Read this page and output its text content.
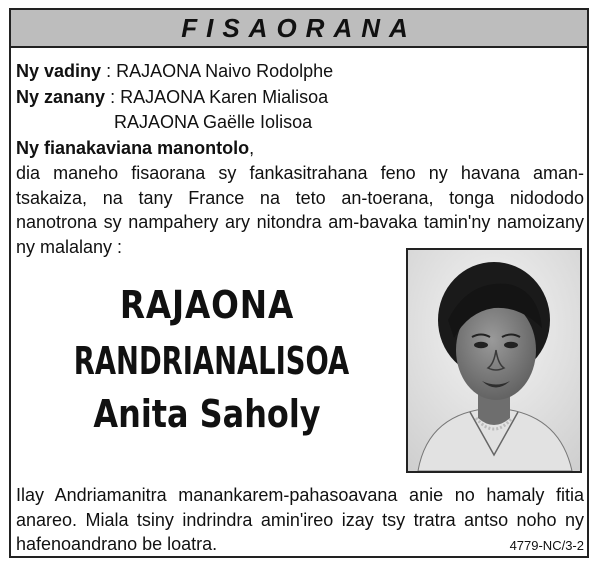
FISAORANA
Ny vadiny : RAJAONA Naivo Rodolphe
Ny zanany : RAJAONA Karen Mialisoa
RAJAONA Gaëlle Iolisoa
Ny fianakaviana manontolo,
dia maneho fisaorana sy fankasitrahana feno ny havana aman-tsakaiza, na tany France na teto an-toerana, tonga nidododo nanotrona sy nampahery ary nitondra am-bavaka tamin'ny namoizany ny malalany :
RAJAONA
RANDRIANALISOA
Anita Saholy
Ilay Andriamanitra manankarem-pahasoavana anie no hamaly fitia anareo. Miala tsiny indrindra amin'ireo izay tsy tratra antso noho ny hafenoandrano be loatra.	4779-NC/3-2
